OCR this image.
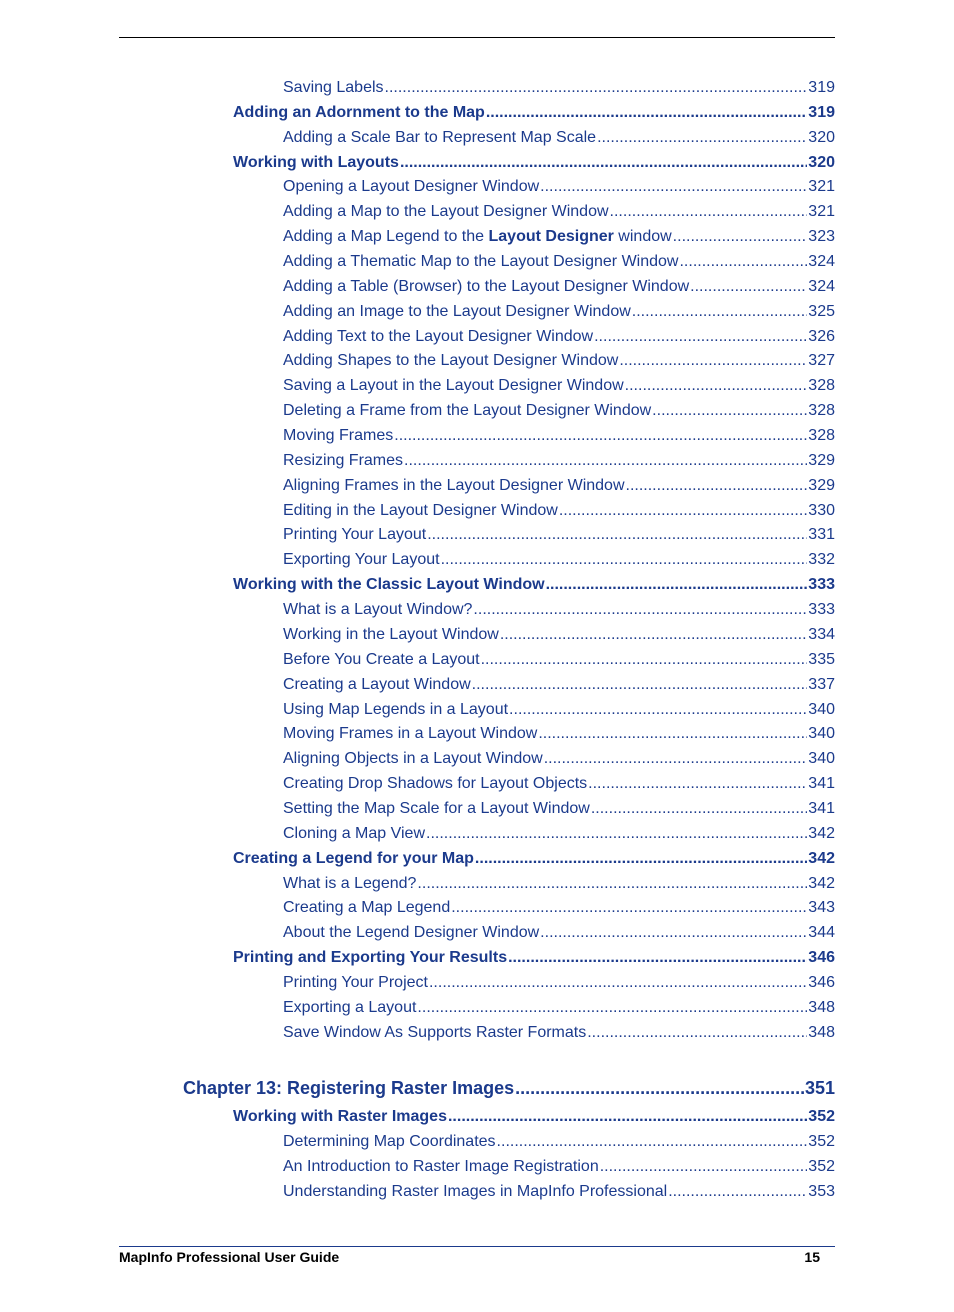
Saving Labels .....	319
Adding an Adornment to the Map .....	319
Adding a Scale Bar to Represent Map Scale .....	320
Working with Layouts .....	320
Opening a Layout Designer Window .....	321
Adding a Map to the Layout Designer Window .....	321
Adding a Map Legend to the Layout Designer window .....	323
Adding a Thematic Map to the Layout Designer Window .....	324
Adding a Table (Browser) to the Layout Designer Window .....	324
Adding an Image to the Layout Designer Window .....	325
Adding Text to the Layout Designer Window .....	326
Adding Shapes to the Layout Designer Window .....	327
Saving a Layout in the Layout Designer Window .....	328
Deleting a Frame from the Layout Designer Window .....	328
Moving Frames .....	328
Resizing Frames .....	329
Aligning Frames in the Layout Designer Window .....	329
Editing in the Layout Designer Window .....	330
Printing Your Layout .....	331
Exporting Your Layout .....	332
Working with the Classic Layout Window .....	333
What is a Layout Window? .....	333
Working in the Layout Window .....	334
Before You Create a Layout .....	335
Creating a Layout Window .....	337
Using Map Legends in a Layout .....	340
Moving Frames in a Layout Window .....	340
Aligning Objects in a Layout Window .....	340
Creating Drop Shadows for Layout Objects .....	341
Setting the Map Scale for a Layout Window .....	341
Cloning a Map View .....	342
Creating a Legend for your Map .....	342
What is a Legend? .....	342
Creating a Map Legend .....	343
About the Legend Designer Window .....	344
Printing and Exporting Your Results .....	346
Printing Your Project .....	346
Exporting a Layout .....	348
Save Window As Supports Raster Formats .....	348
Chapter 13: Registering Raster Images .....	351
Working with Raster Images .....	352
Determining Map Coordinates .....	352
An Introduction to Raster Image Registration .....	352
Understanding Raster Images in MapInfo Professional .....	353
MapInfo Professional User Guide	15
